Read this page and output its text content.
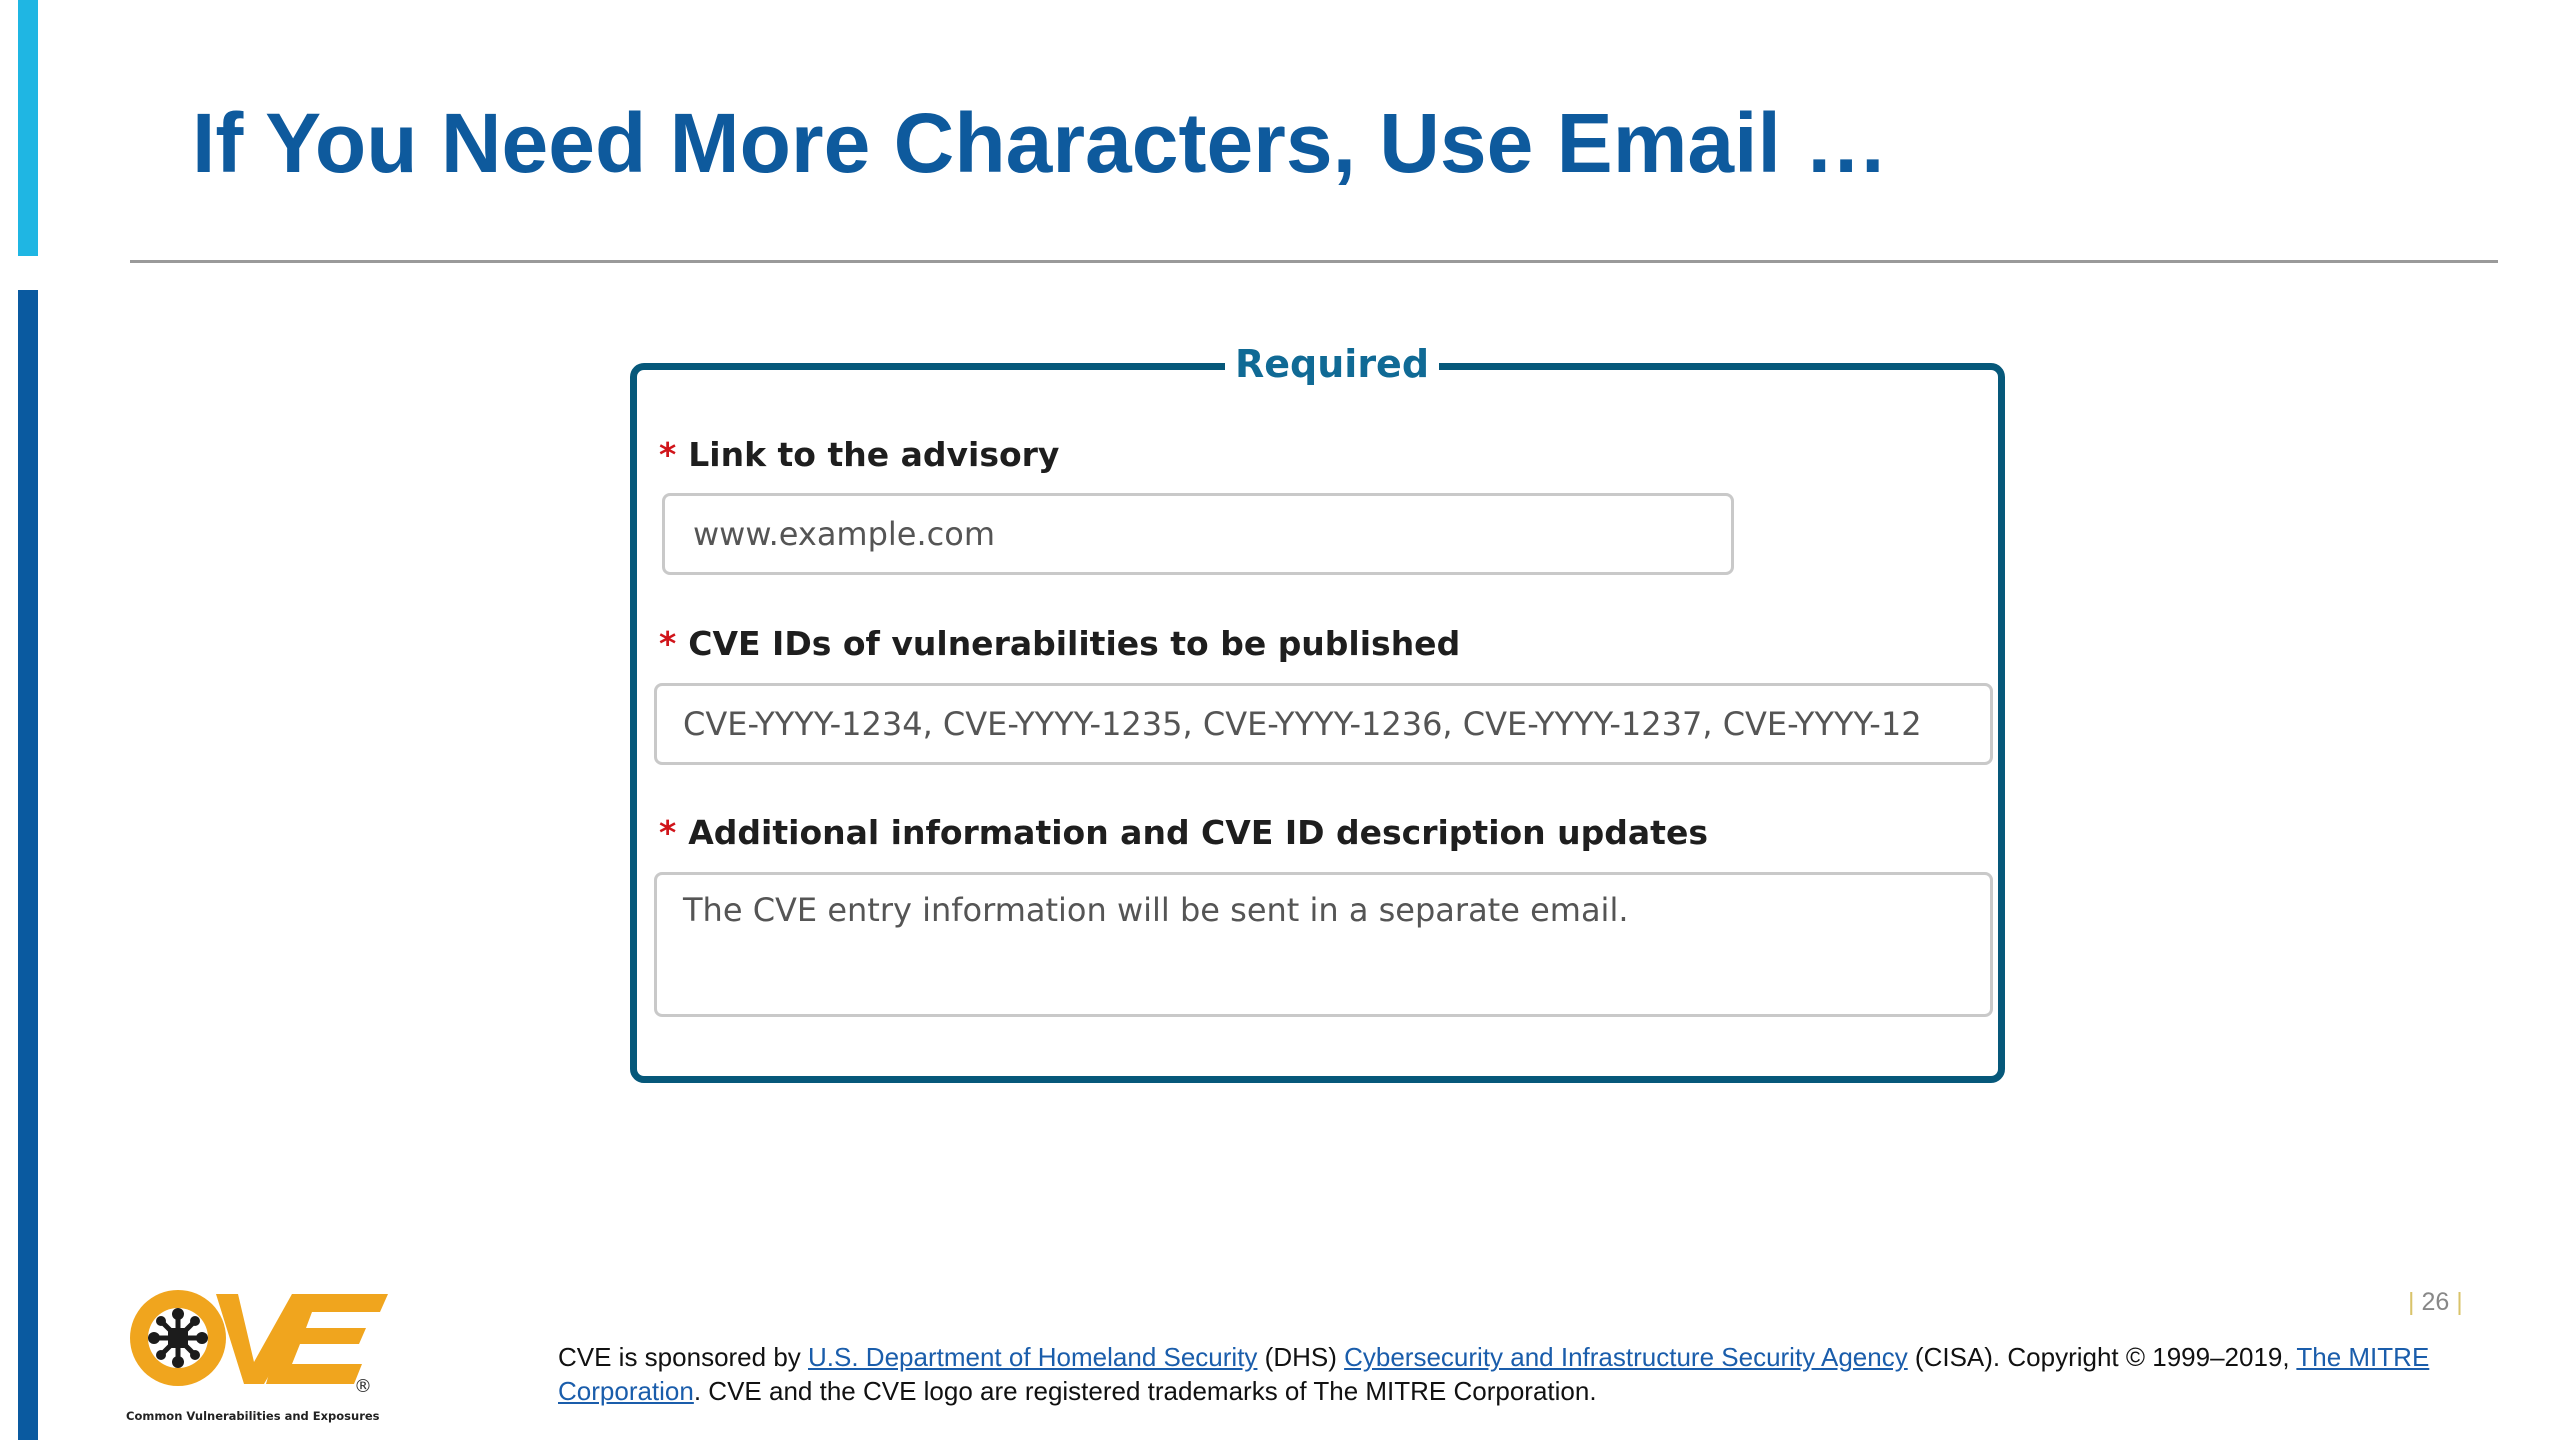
If You Need More Characters, Use Email …
Required
* Link to the advisory
www.example.com
* CVE IDs of vulnerabilities to be published
CVE-YYYY-1234, CVE-YYYY-1235, CVE-YYYY-1236, CVE-YYYY-1237, CVE-YYYY-12
* Additional information and CVE ID description updates
The CVE entry information will be sent in a separate email.
| 26 |
®
Common Vulnerabilities and Exposures

CVE is sponsored by U.S. Department of Homeland Security (DHS) Cybersecurity and Infrastructure Security Agency (CISA). Copyright © 1999–2019, The MITRE Corporation. CVE and the CVE logo are registered trademarks of The MITRE Corporation.
